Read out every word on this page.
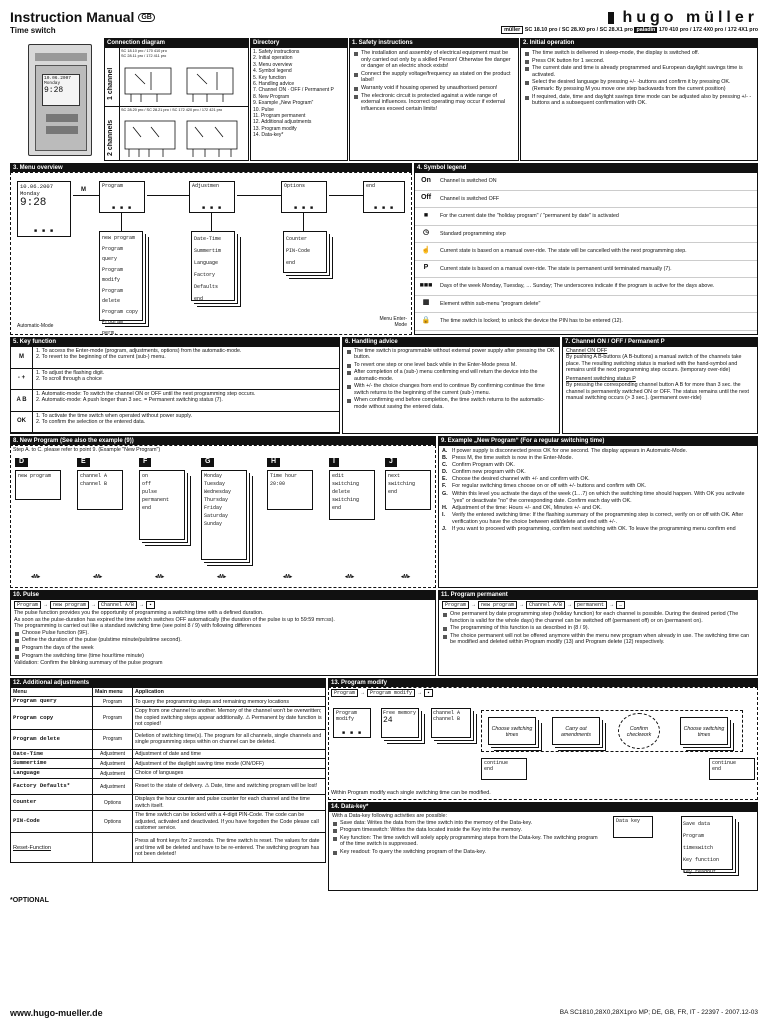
Instruction Manual GB
Time switch
hugo müller
müller SC 18.10 pro / SC 28.X0 pro / SC 28.X1 pro paladin 170 410 pro / 172 4X0 pro / 172 4X1 pro
10.06.2007
Monday
9:28
Connection diagram
1 channel
2 channels
SC 18.10 pro / 170 410 pro
SC 28.11 pro / 172 411 pro
SC 28.20 pro / SC 28.21 pro / SC 172 420 pro / 172 421 pro
Directory
1. Safety instructions
2. Initial operation
3. Menu overview
4. Symbol legend
5. Key function
6. Handling advice
7. Channel ON · OFF / Permanent P
8. New Program
9. Example „New Program“
10. Pulse
11. Program permanent
12. Additional adjustments
13. Program modify
14. Data-key*
1. Safety instructions
The installation and assembly of electrical equipment must be only carried out only by a skilled Person! Otherwise fire danger or danger of an electric shock exists!
Connect the supply voltage/frequency as stated on the product label!
Warranty void if housing opened by unauthorised person!
The electronic circuit is protected against a wide range of external influences. Incorrect operating may occur if external influences exceed certain limits!
2. Initial operation
The time switch is delivered in sleep-mode, the display is switched off.
Press OK button for 1 second.
The current date and time is already programmed and European daylight savings time is activated.
Select the desired language by pressing +/- -buttons and confirm it by pressing OK. (Remark: By pressing M you move one step backwards from the current position)
If required, date, time and daylight savings time mode can be adjusted also by pressing +/- -buttons and a subsequent confirmation with OK.
3. Menu overview
10.06.2007
Monday
9:28
■ ■ ■
Automatic-Mode
Menu Enter-Mode
Program
■ ■ ■
Adjustmen
■ ■ ■
Options
■ ■ ■
end
■ ■ ■
M
new program
Program query
Program modify
Program delete
Program copy
Program perm.
Date-Time
Summertim
Language
Factory Defaults
end
Counter
PIN-Code
end
4. Symbol legend
On	Channel is switched ON
Off	Channel is switched OFF
■	For the current date the "holiday program" / "permanent by date" is activated
◷	Standard programming step
☝	Current state is based on a manual over-ride. The state will be cancelled with the next programming step.
P	Current state is based on a manual over-ride. The state is permanent until terminated manually (7).
■■■	Days of the week Monday, Tuesday, … Sunday; The underscores indicate if the program is active for the days above.
▦	Element within sub-menu "program delete"
🔒	The time switch is locked; to unlock the device the PIN has to be entered (12).
5. Key function
M
1. To access the Enter-mode (program, adjustments, options) from the automatic-mode.
2. To revert to the beginning of the current (sub-) menu.
- +
1. To adjust the flashing digit.
2. To scroll through a choice
A B
1. Automatic-mode: To switch the channel ON or OFF until the next programming step occurs.
2. Automatic-mode: A push longer than 3 sec. = Permanent switching status (7).
OK
1. To activate the time switch when operated without power supply.
2. To confirm the selection or the entered data.
6. Handling advice
The time switch is programmable without external power supply after pressing the OK button.
To revert one step or one level back while in the Enter-Mode press M.
After completion of a (sub-) menu confirming end will return the device into the automatic-mode.
With +/- the choice changes from end to continue By confirming continue the time switch returns to the beginning of the current (sub-) menu.
When confirming end before completion, the time switch returns to the automatic-mode without saving the entered data.
7. Channel ON / OFF / Permanent P
Channel ON OFF
By pushing A B-buttons (A B-buttons) a manual switch of the channels take place. The resulting switching status is marked with the hand-symbol and remains until the next programming step occurs. (temporary over-ride)
Permanent switching status P
By pressing the corresponding channel button A B for more than 3 sec. the channel is permanently switched ON or OFF. The status remains until the next manual switching occurs (> 3 sec.). (permanent over-ride)
8. New Program (See also the example (9))
Step A. to C. please refer to point 9. (Example "New Program")
D
new program
◂M▸
E
channel A
channel B
◂M▸
F
on
off
pulse
permanent
end
◂M▸
G
Monday
Tuesday
Wednesday
Thursday
Friday
Saturday
Sunday
◂M▸
H
Time hour
20:00
◂M▸
I
edit switching
delete switching
end
◂M▸
J
next switching
end
◂M▸
9. Example „New Program“ (For a regular switching time)
A. If power supply is disconnected press OK for one second. The display appears in Automatic-Mode.
B. Press M, the time switch is now in the Enter-Mode.
C. Confirm Program with OK.
D. Confirm new program with OK.
E. Choose the desired channel with +/- and confirm with OK.
F.	For regular switching times choose on or off with +/- buttons and confirm with OK.
G. Within this level you activate the days of the week (1…7) on which the switching time should happen. With OK you activate "yes" or deactivate "no" the corresponding date. Confirm each day with OK.
H. Adjustment of the time: Hours +/- and OK, Minutes +/- and OK.
I.	Verify the entered switching time: If the flashing summary of the programming step is correct, verify on or off with OK. After verification you have the choice between edit/delete and end with +/-.
J.	If you want to proceed with programming, confirm next switching with OK. To leave the programming menu confirm end
10. Pulse
Program → new program → Channel A/B → ▪
The pulse function provides you the opportunity of programming a switching time with a defined duration.
As soon as the pulse-duration has expired the time switch switches OFF automatically (the duration of the pulse is up to 59:59 mm:ss).
The programming is carried out like a standard switching time (see point 8 / 9) with following differences
Choose Pulse function (9F).
Define the duration of the pulse (pulstime minute/pulstime second).
Program the days of the week
Program the switching time (time hour/time minute)
Validation: Confirm the blinking summary of the pulse program
11. Program permanent
Program → new program → Channel A/B → permanent → …
One permanent by date programming step (holiday function) for each channel is possible. During the desired period (The function is valid for the whole days) the channel can be switched off (permanent off) or on (permanent on).
The programming of this function is as described in (8 / 9).
The choice permanent will not be offered anymore within the menu new program when already in use. The switching time can be modified and deleted within Program modify (13) and Program delete (12) respectively.
12. Additional adjustments
Menu	Main menu	Application
Program query	Program	To query the programming steps and remaining memory locations
Program copy	Program	Copy from one channel to another. Memory of the channel won't be overwritten; the copied switching steps appear additionally. ⚠ Permanent by date function is not copied!
Program delete	Program	Deletion of switching time(s). The program for all channels, single channels and single programming steps within on channel can be deleted.
Date-Time	Adjustment	Adjustment of date and time
Summertime	Adjustment	Adjustment of the daylight saving time mode (ON/OFF)
Language	Adjustment	Choice of languages
Factory Defaults*	Adjustment	Reset to the state of delivery. ⚠ Date, time and switching program will be lost!
Counter	Options	Displays the hour counter and pulse counter for each channel and the time switch itself.
PIN-Code	Options	The time switch can be locked with a 4-digit PIN-Code. The code can be adjusted, activated and deactivated. If you have forgotten the Code please call customer service.
Reset-Function		Press all front keys for 2 seconds. The time switch is reset. The values for date and time will be deleted and have to be re-entered. The switching program has not been deleted!
*OPTIONAL
13. Program modify
Program → Program modify → ▪
Program modify
■ ■ ■
Free memory
24
channel A
channel B
Choose switching times
Carry out amendments
Confirm checkwork
Choose switching times
continue
end
continue
end
Within Program modify each single switching time can be modified.
14. Data-key*
With a Data-key following activities are possible:
Save data: Writes the data from the time switch into the memory of the Data-key.
Program timeswitch: Writes the data located inside the Key into the memory.
Key function: The time switch will solely apply programming steps from the Data-key. The switching program of the time switch is suppressed.
Key readout: To query the switching program of the Data-key.
Data key	Save data
Program timeswitch
Key function
Key readout
www.hugo-mueller.de	BA SC1810,28X0,28X1pro MP; DE, GB, FR, IT - 22397 - 2007.12-03
